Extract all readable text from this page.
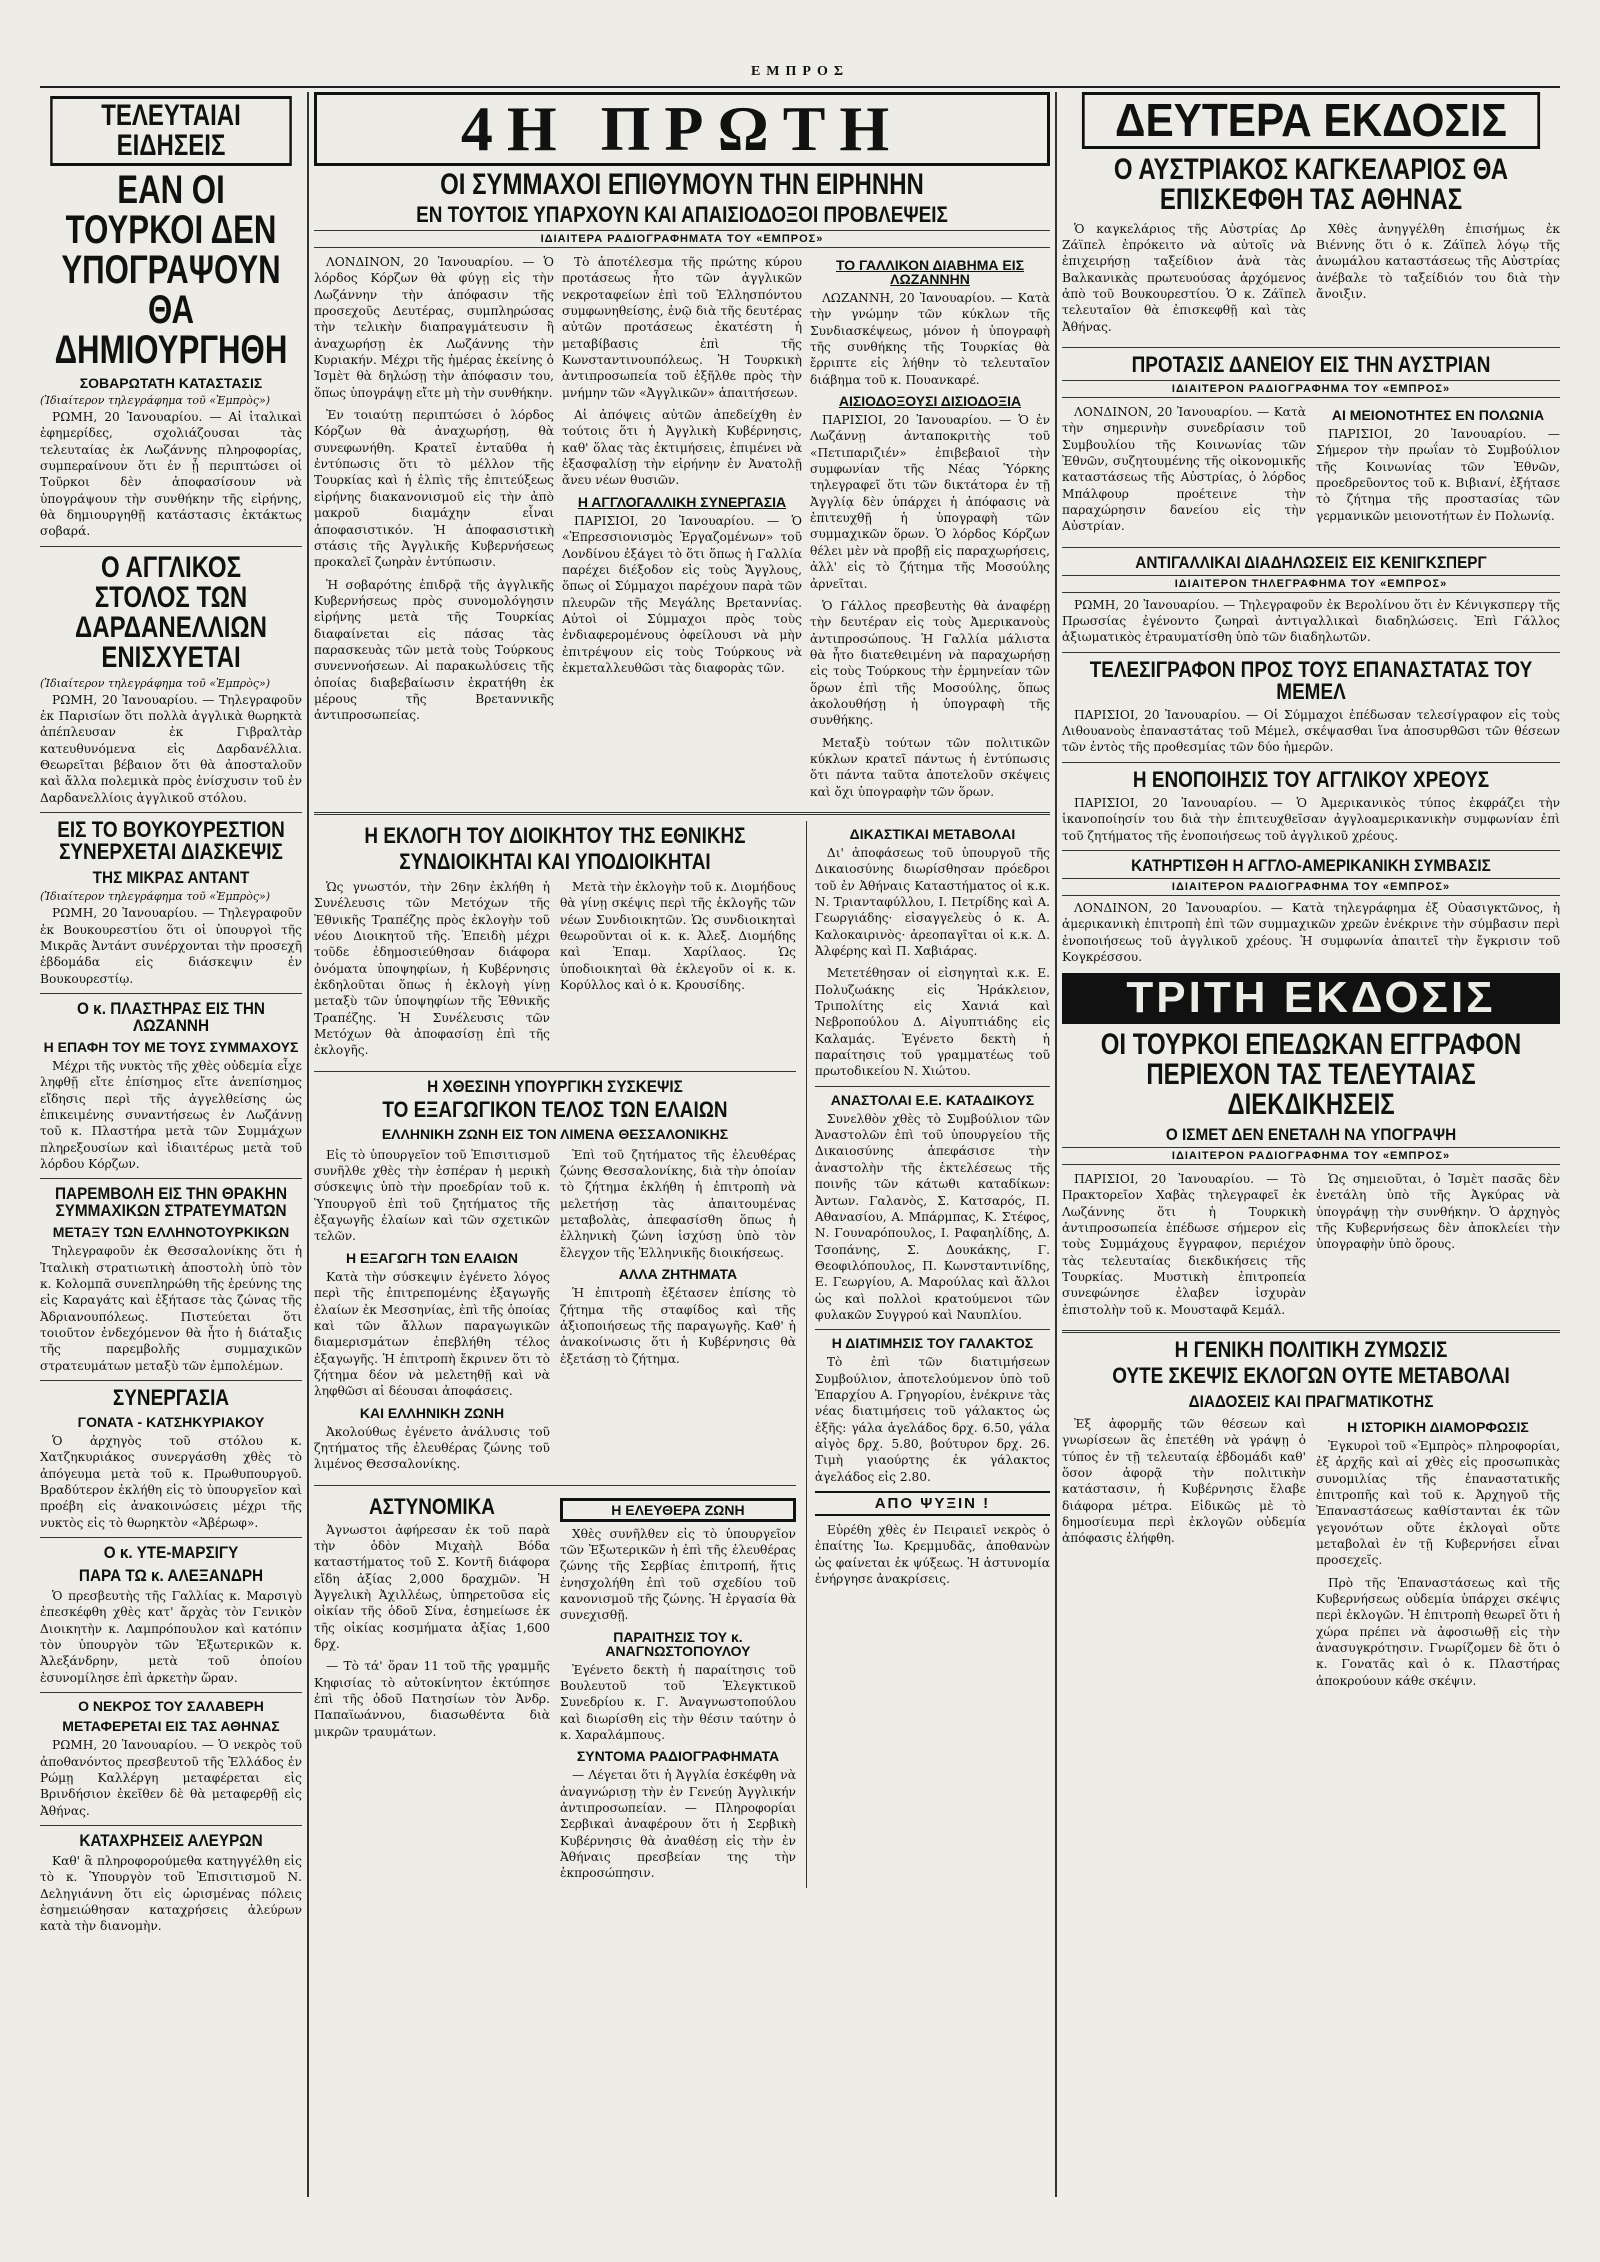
ΕΜΠΡΟΣ
ΤΕΛΕΥΤΑΙΑΙ ΕΙΔΗΣΕΙΣ
ΕΑΝ ΟΙ ΤΟΥΡΚΟΙ ΔΕΝ ΥΠΟΓΡΑΨΟΥΝ ΘΑ ΔΗΜΙΟΥΡΓΗΘΗ
ΣΟΒΑΡΩΤΑΤΗ ΚΑΤΑΣΤΑΣΙΣ
(Ἰδιαίτερον τηλεγράφημα τοῦ «Ἐμπρὸς»)

ΡΩΜΗ, 20 Ἰανουαρίου. — Αἱ ἰταλικαὶ ἐφημερίδες, σχολιάζουσαι τὰς τελευταίας ἐκ Λωζάννης πληροφορίας, συμπεραίνουν ὅτι ἐν ᾗ περιπτώσει οἱ Τοῦρκοι δὲν ἀποφασίσουν νὰ ὑπογράψουν τὴν συνθήκην τῆς εἰρήνης, θὰ δημιουργηθῇ κατάστασις ἐκτάκτως σοβαρά.

Ο ΑΓΓΛΙΚΟΣ ΣΤΟΛΟΣ ΤΩΝ ΔΑΡΔΑΝΕΛΛΙΩΝ ΕΝΙΣΧΥΕΤΑΙ
(Ἰδιαίτερον τηλεγράφημα τοῦ «Ἐμπρὸς»)

ΡΩΜΗ, 20 Ἰανουαρίου. — Τηλεγραφοῦν ἐκ Παρισίων ὅτι πολλὰ ἀγγλικὰ θωρηκτὰ ἀπέπλευσαν ἐκ Γιβραλτὰρ κατευθυνόμενα εἰς Δαρδανέλλια. Θεωρεῖται βέβαιον ὅτι θὰ ἀποσταλοῦν καὶ ἄλλα πολεμικὰ πρὸς ἐνίσχυσιν τοῦ ἐν Δαρδανελλίοις ἀγγλικοῦ στόλου.

ΕΙΣ ΤΟ ΒΟΥΚΟΥΡΕΣΤΙΟΝ ΣΥΝΕΡΧΕΤΑΙ ΔΙΑΣΚΕΨΙΣ
ΤΗΣ ΜΙΚΡΑΣ ΑΝΤΑΝΤ
(Ἰδιαίτερον τηλεγράφημα τοῦ «Ἐμπρὸς»)

ΡΩΜΗ, 20 Ἰανουαρίου. — Τηλεγραφοῦν ἐκ Βουκουρεστίου ὅτι οἱ ὑπουργοὶ τῆς Μικρᾶς Ἀντάντ συνέρχονται τὴν προσεχῆ ἑβδομάδα εἰς διάσκεψιν ἐν Βουκουρεστίῳ.

Ο κ. ΠΛΑΣΤΗΡΑΣ ΕΙΣ ΤΗΝ ΛΩΖΑΝΝΗ
Η ΕΠΑΦΗ ΤΟΥ ΜΕ ΤΟΥΣ ΣΥΜΜΑΧΟΥΣ

Μέχρι τῆς νυκτὸς τῆς χθὲς οὐδεμία εἶχε ληφθῇ εἴτε ἐπίσημος εἴτε ἀνεπίσημος εἴδησις περὶ τῆς ἀγγελθείσης ὡς ἐπικειμένης συναντήσεως ἐν Λωζάννῃ τοῦ κ. Πλαστήρα μετὰ τῶν Συμμάχων πληρεξουσίων καὶ ἰδιαιτέρως μετὰ τοῦ λόρδου Κόρζων.

ΠΑΡΕΜΒΟΛΗ ΕΙΣ ΤΗΝ ΘΡΑΚΗΝ ΣΥΜΜΑΧΙΚΩΝ ΣΤΡΑΤΕΥΜΑΤΩΝ
ΜΕΤΑΞΥ ΤΩΝ ΕΛΛΗΝΟΤΟΥΡΚΙΚΩΝ

Τηλεγραφοῦν ἐκ Θεσσαλονίκης ὅτι ἡ Ἰταλικὴ στρατιωτικὴ ἀποστολὴ ὑπὸ τὸν κ. Κολομπᾶ συνεπληρώθη τῆς ἐρεύνης της εἰς Καραγάτς καὶ ἐξήτασε τὰς ζώνας τῆς Ἀδριανουπόλεως. Πιστεύεται ὅτι τοιοῦτον ἐνδεχόμενον θὰ ἦτο ἡ διάταξις τῆς παρεμβολῆς συμμαχικῶν στρατευμάτων μεταξὺ τῶν ἐμπολέμων.

ΣΥΝΕΡΓΑΣΙΑ
ΓΟΝΑΤΑ - ΚΑΤΣΗΚΥΡΙΑΚΟΥ

Ὁ ἀρχηγὸς τοῦ στόλου κ. Χατζηκυριάκος συνεργάσθη χθὲς τὸ ἀπόγευμα μετὰ τοῦ κ. Πρωθυπουργοῦ. Βραδύτερον ἐκλήθη εἰς τὸ ὑπουργεῖον καὶ προέβη εἰς ἀνακοινώσεις μέχρι τῆς νυκτὸς εἰς τὸ θωρηκτὸν «Ἀβέρωφ».

Ο κ. ΥΤΕ-ΜΑΡΣΙΓΥ
ΠΑΡΑ ΤΩ κ. ΑΛΕΞΑΝΔΡΗ

Ὁ πρεσβευτὴς τῆς Γαλλίας κ. Μαρσιγὺ ἐπεσκέφθη χθὲς κατ' ἄρχὰς τὸν Γενικὸν Διοικητὴν κ. Λαμπρόπουλον καὶ κατόπιν τὸν ὑπουργὸν τῶν Ἐξωτερικῶν κ. Ἀλεξάνδρην, μετὰ τοῦ ὁποίου ἐσυνομίλησε ἐπὶ ἀρκετὴν ὥραν.

Ο ΝΕΚΡΟΣ ΤΟΥ ΣΑΛΑΒΕΡΗ
ΜΕΤΑΦΕΡΕΤΑΙ ΕΙΣ ΤΑΣ ΑΘΗΝΑΣ

ΡΩΜΗ, 20 Ἰανουαρίου. — Ὁ νεκρὸς τοῦ ἀποθανόντος πρεσβευτοῦ τῆς Ἑλλάδος ἐν Ρώμῃ Καλλέργη μεταφέρεται εἰς Βρινδήσιον ἐκεῖθεν δὲ θὰ μεταφερθῇ εἰς Ἀθήνας.

ΚΑΤΑΧΡΗΣΕΙΣ ΑΛΕΥΡΩΝ

Καθ' ἃ πληροφορούμεθα κατηγγέλθη εἰς τὸ κ. Ὑπουργὸν τοῦ Ἐπισιτισμοῦ Ν. Δεληγιάννη ὅτι εἰς ὡρισμένας πόλεις ἐσημειώθησαν καταχρήσεις ἀλεύρων κατὰ τὴν διανομὴν.

4Η ΠΡΩΤΗ
ΟΙ ΣΥΜΜΑΧΟΙ ΕΠΙΘΥΜΟΥΝ ΤΗΝ ΕΙΡΗΝΗΝ
ΕΝ ΤΟΥΤΟΙΣ ΥΠΑΡΧΟΥΝ ΚΑΙ ΑΠΑΙΣΙΟΔΟΞΟΙ ΠΡΟΒΛΕΨΕΙΣ
ΙΔΙΑΙΤΕΡΑ ΡΑΔΙΟΓΡΑΦΗΜΑΤΑ ΤΟΥ «ΕΜΠΡΟΣ»

ΛΟΝΔΙΝΟΝ, 20 Ἰανουαρίου. — Ὁ λόρδος Κόρζων θὰ φύγῃ εἰς τὴν Λωζάννην τὴν ἀπόφασιν τῆς προσεχοῦς Δευτέρας, συμπληρώσας τὴν τελικὴν διαπραγμάτευσιν ἢ ἀναχωρήσῃ ἐκ Λωζάννης τὴν Κυριακήν. Μέχρι τῆς ἡμέρας ἐκείνης ὁ Ἰσμὲτ θὰ δηλώσῃ τὴν ἀπόφασιν του, ὅπως ὑπογράψῃ εἴτε μὴ τὴν συνθήκην.

Ἐν τοιαύτῃ περιπτώσει ὁ λόρδος Κόρζων θὰ ἀναχωρήσῃ, θὰ συνεφωνήθη. Κρατεῖ ἐνταῦθα ἡ ἐντύπωσις ὅτι τὸ μέλλον τῆς Τουρκίας καὶ ἡ ἐλπὶς τῆς ἐπιτεύξεως εἰρήνης διακανονισμοῦ εἰς τὴν ἀπὸ μακροῦ διαμάχην εἶναι ἀποφασιστικόν. Ἡ ἀποφασιστικὴ στάσις τῆς Ἀγγλικῆς Κυβερνήσεως προκαλεῖ ζωηρὰν ἐντύπωσιν.

Ἡ σοβαρότης ἐπιδρᾷ τῆς ἀγγλικῆς Κυβερνήσεως πρὸς συνομολόγησιν εἰρήνης μετὰ τῆς Τουρκίας διαφαίνεται εἰς πάσας τὰς παρασκευὰς τῶν μετὰ τοὺς Τούρκους συνεννοήσεων. Αἱ παρακωλύσεις τῆς ὁποίας διαβεβαίωσιν ἐκρατήθη ἐκ μέρους τῆς Βρεταννικῆς ἀντιπροσωπείας.

Τὸ ἀποτέλεσμα τῆς πρώτης κύρου προτάσεως ἦτο τῶν ἀγγλικῶν νεκροταφείων ἐπὶ τοῦ Ἑλλησπόντου συμφωνηθείσης, ἐνῷ διὰ τῆς δευτέρας αὐτῶν προτάσεως ἐκατέστη ἡ μεταβίβασις ἐπὶ τῆς Κωνσταντινουπόλεως. Ἡ Τουρκικὴ ἀντιπροσωπεία τοῦ ἐξῆλθε πρὸς τὴν μνήμην τῶν «Ἀγγλικῶν» ἀπαιτήσεων.

Αἱ ἀπόψεις αὐτῶν ἀπεδείχθη ἐν τούτοις ὅτι ἡ Ἀγγλικὴ Κυβέρνησις, καθ' ὅλας τὰς ἐκτιμήσεις, ἐπιμένει νὰ ἐξασφαλίσῃ τὴν εἰρήνην ἐν Ἀνατολῇ ἄνευ νέων θυσιῶν.

Η ΑΓΓΛΟΓΑΛΛΙΚΗ ΣΥΝΕΡΓΑΣΙΑ

ΠΑΡΙΣΙΟΙ, 20 Ἰανουαρίου. — Ὁ «Ἐπρεσσιονισμὸς Ἐργαζομένων» τοῦ Λονδίνου ἐξάγει τὸ ὅτι ὅπως ἡ Γαλλία παρέχει διέξοδον εἰς τοὺς Ἄγγλους, ὅπως οἱ Σύμμαχοι παρέχουν παρὰ τῶν πλευρῶν τῆς Μεγάλης Βρεταννίας. Αὐτοὶ οἱ Σύμμαχοι πρὸς τοὺς ἐνδιαφερομένους ὀφείλουσι νὰ μὴν ἐπιτρέψουν εἰς τοὺς Τούρκους νὰ ἐκμεταλλευθῶσι τὰς διαφορὰς τῶν.

ΤΟ ΓΑΛΛΙΚΟΝ ΔΙΑΒΗΜΑ ΕΙΣ ΛΩΖΑΝΝΗΝ

ΛΩΖΑΝΝΗ, 20 Ἰανουαρίου. — Κατὰ τὴν γνώμην τῶν κύκλων τῆς Συνδιασκέψεως, μόνον ἡ ὑπογραφὴ τῆς συνθήκης τῆς Τουρκίας θὰ ἔρριπτε εἰς λήθην τὸ τελευταῖον διάβημα τοῦ κ. Πουανκαρέ.

ΑΙΣΙΟΔΟΞΟΥΣΙ ΔΙΣΙΟΔΟΞΙΑ

ΠΑΡΙΣΙΟΙ, 20 Ἰανουαρίου. — Ὁ ἐν Λωζάννῃ ἀνταποκριτὴς τοῦ «Πετιπαριζιέν» ἐπιβεβαιοῖ τὴν συμφωνίαν τῆς Νέας Ὑόρκης τηλεγραφεῖ ὅτι τῶν δικτάτορα ἐν τῇ Ἀγγλίᾳ δὲν ὑπάρχει ἡ ἀπόφασις νὰ ἐπιτευχθῇ ἡ ὑπογραφὴ τῶν συμμαχικῶν ὅρων. Ὁ λόρδος Κόρζων θέλει μὲν νὰ προβῇ εἰς παραχωρήσεις, ἀλλ' εἰς τὸ ζήτημα τῆς Μοσούλης ἀρνεῖται.

Ὁ Γάλλος πρεσβευτὴς θὰ ἀναφέρῃ τὴν δευτέραν εἰς τοὺς Ἀμερικανοὺς ἀντιπροσώπους. Ἡ Γαλλία μάλιστα θὰ ἦτο διατεθειμένη νὰ παραχωρήσῃ εἰς τοὺς Τούρκους τὴν ἑρμηνείαν τῶν ὅρων ἐπὶ τῆς Μοσούλης, ὅπως ἀκολουθήσῃ ἡ ὑπογραφὴ τῆς συνθήκης.

Μεταξὺ τούτων τῶν πολιτικῶν κύκλων κρατεῖ πάντως ἡ ἐντύπωσις ὅτι πάντα ταῦτα ἀποτελοῦν σκέψεις καὶ ὄχι ὑπογραφὴν τῶν ὅρων.

Η ΕΚΛΟΓΗ ΤΟΥ ΔΙΟΙΚΗΤΟΥ ΤΗΣ ΕΘΝΙΚΗΣ
ΣΥΝΔΙΟΙΚΗΤΑΙ ΚΑΙ ΥΠΟΔΙΟΙΚΗΤΑΙ

Ὡς γνωστόν, τὴν 26ην ἐκλήθη ἡ Συνέλευσις τῶν Μετόχων τῆς Ἐθνικῆς Τραπέζης πρὸς ἐκλογὴν τοῦ νέου Διοικητοῦ τῆς. Ἐπειδὴ μέχρι τοῦδε ἐδημοσιεύθησαν διάφορα ὀνόματα ὑποψηφίων, ἡ Κυβέρνησις ἐκδηλοῦται ὅπως ἡ ἐκλογὴ γίνῃ μεταξὺ τῶν ὑποψηφίων τῆς Ἐθνικῆς Τραπέζης. Ἡ Συνέλευσις τῶν Μετόχων θὰ ἀποφασίσῃ ἐπὶ τῆς ἐκλογῆς.

Μετὰ τὴν ἐκλογὴν τοῦ κ. Διομήδους θὰ γίνῃ σκέψις περὶ τῆς ἐκλογῆς τῶν νέων Συνδιοικητῶν. Ὡς συνδιοικηταὶ θεωροῦνται οἱ κ. κ. Ἀλεξ. Διομήδης καὶ Ἐπαμ. Χαρίλαος. Ὡς ὑποδιοικηταὶ θὰ ἐκλεγοῦν οἱ κ. κ. Κορύλλος καὶ ὁ κ. Κρουσίδης.

Η ΧΘΕΣΙΝΗ ΥΠΟΥΡΓΙΚΗ ΣΥΣΚΕΨΙΣ
ΤΟ ΕΞΑΓΩΓΙΚΟΝ ΤΕΛΟΣ ΤΩΝ ΕΛΑΙΩΝ
ΕΛΛΗΝΙΚΗ ΖΩΝΗ ΕΙΣ ΤΟΝ ΛΙΜΕΝΑ ΘΕΣΣΑΛΟΝΙΚΗΣ

Εἰς τὸ ὑπουργεῖον τοῦ Ἐπισιτισμοῦ συνῆλθε χθὲς τὴν ἑσπέραν ἡ μερικὴ σύσκεψις ὑπὸ τὴν προεδρίαν τοῦ κ. Ὑπουργοῦ ἐπὶ τοῦ ζητήματος τῆς ἐξαγωγῆς ἐλαίων καὶ τῶν σχετικῶν τελῶν.

Η ΕΞΑΓΩΓΗ ΤΩΝ ΕΛΑΙΩΝ

Κατὰ τὴν σύσκεψιν ἐγένετο λόγος περὶ τῆς ἐπιτρεπομένης ἐξαγωγῆς ἐλαίων ἐκ Μεσσηνίας, ἐπὶ τῆς ὁποίας καὶ τῶν ἄλλων παραγωγικῶν διαμερισμάτων ἐπεβλήθη τέλος ἐξαγωγῆς. Ἡ ἐπιτροπὴ ἔκρινεν ὅτι τὸ ζήτημα δέον νὰ μελετηθῇ καὶ νὰ ληφθῶσι αἱ δέουσαι ἀποφάσεις.

ΚΑΙ ΕΛΛΗΝΙΚΗ ΖΩΝΗ

Ἀκολούθως ἐγένετο ἀνάλυσις τοῦ ζητήματος τῆς ἐλευθέρας ζώνης τοῦ λιμένος Θεσσαλονίκης.

Ἐπὶ τοῦ ζητήματος τῆς ἐλευθέρας ζώνης Θεσσαλονίκης, διὰ τὴν ὁποίαν τὸ ζήτημα ἐκλήθη ἡ ἐπιτροπὴ νὰ μελετήσῃ τὰς ἀπαιτουμένας μεταβολὰς, ἀπεφασίσθη ὅπως ἡ ἐλληνικὴ ζώνη ἰσχύσῃ ὑπὸ τὸν ἔλεγχον τῆς Ἑλληνικῆς διοικήσεως.

ΑΛΛΑ ΖΗΤΗΜΑΤΑ

Ἡ ἐπιτροπὴ ἐξέτασεν ἐπίσης τὸ ζήτημα τῆς σταφίδος καὶ τῆς ἀξιοποιήσεως τῆς παραγωγῆς. Καθ' ἡ ἀνακοίνωσις ὅτι ἡ Κυβέρνησις θὰ ἐξετάσῃ τὸ ζήτημα.

ΑΣΤΥΝΟΜΙΚΑ

Ἀγνωστοι ἀφήρεσαν ἐκ τοῦ παρὰ τὴν ὁδὸν Μιχαὴλ Βόδα καταστήματος τοῦ Σ. Κοντῆ διάφορα εἴδη ἀξίας 2,000 δραχμῶν. Ἡ Ἀγγελικὴ Ἀχιλλέως, ὑπηρετοῦσα εἰς οἰκίαν τῆς ὁδοῦ Σίνα, ἐσημείωσε ἐκ τῆς οἰκίας κοσμήματα ἀξίας 1,600 δρχ.

— Τὸ τά' ὅραν 11 τοῦ τῆς γραμμῆς Κηφισίας τὸ αὐτοκίνητον ἐκτύπησε ἐπὶ τῆς ὁδοῦ Πατησίων τὸν Ἀνδρ. Παπαϊωάννου, διασωθέντα διὰ μικρῶν τραυμάτων.

Η ΕΛΕΥΘΕΡΑ ΖΩΝΗ

Χθὲς συνῆλθεν εἰς τὸ ὑπουργεῖον τῶν Ἐξωτερικῶν ἡ ἐπὶ τῆς ἐλευθέρας ζώνης τῆς Σερβίας ἐπιτροπή, ἥτις ἐνησχολήθη ἐπὶ τοῦ σχεδίου τοῦ κανονισμοῦ τῆς ζώνης. Ἡ ἐργασία θὰ συνεχισθῇ.

ΠΑΡΑΙΤΗΣΙΣ ΤΟΥ κ. ΑΝΑΓΝΩΣΤΟΠΟΥΛΟΥ

Ἐγένετο δεκτὴ ἡ παραίτησις τοῦ Βουλευτοῦ τοῦ Ἐλεγκτικοῦ Συνεδρίου κ. Γ. Ἀναγνωστοπούλου καὶ διωρίσθη εἰς τὴν θέσιν ταύτην ὁ κ. Χαραλάμπους.

ΣΥΝΤΟΜΑ ΡΑΔΙΟΓΡΑΦΗΜΑΤΑ

— Λέγεται ὅτι ἡ Ἀγγλία ἐσκέφθη νὰ ἀναγνώρισῃ τὴν ἐν Γενεύῃ Ἀγγλικήν ἀντιπροσωπείαν. — Πληροφορίαι Σερβικαὶ ἀναφέρουν ὅτι ἡ Σερβικὴ Κυβέρνησις θὰ ἀναθέσῃ εἰς τὴν ἐν Ἀθήναις πρεσβείαν της τὴν ἐκπροσώπησιν.

ΔΙΚΑΣΤΙΚΑΙ ΜΕΤΑΒΟΛΑΙ

Δι' ἀποφάσεως τοῦ ὑπουργοῦ τῆς Δικαιοσύνης διωρίσθησαν πρόεδροι τοῦ ἐν Ἀθήναις Καταστήματος οἱ κ.κ. Ν. Τριανταφύλλου, Ι. Πετρίδης καὶ Α. Γεωργιάδης· εἰσαγγελεὺς ὁ κ. Α. Καλοκαιρινὸς· ἀρεοπαγῖται οἱ κ.κ. Δ. Ἀλφέρης καὶ Π. Χαβιάρας.

Μετετέθησαν οἱ εἰσηγηταὶ κ.κ. Ε. Πολυζωάκης εἰς Ἡράκλειον, Τριπολίτης εἰς Χανιά καὶ Νεβροπούλου Δ. Αἰγυπτιάδης εἰς Καλαμάς. Ἐγένετο δεκτὴ ἡ παραίτησις τοῦ γραμματέως τοῦ πρωτοδικείου Ν. Χιώτου.

ΑΝΑΣΤΟΛΑΙ Ε.Ε. ΚΑΤΑΔΙΚΟΥΣ

Συνελθὸν χθὲς τὸ Συμβούλιον τῶν Ἀναστολῶν ἐπὶ τοῦ ὑπουργείου τῆς Δικαιοσύνης ἀπεφάσισε τὴν ἀναστολὴν τῆς ἐκτελέσεως τῆς ποινῆς τῶν κάτωθι καταδίκων: Ἀντων. Γαλανὸς, Σ. Κατσαρός, Π. Αθανασίου, Α. Μπάρμπας, Κ. Στέφος, Ν. Γουναρόπουλος, Ι. Ραφαηλίδης, Δ. Τσοπάνης, Σ. Δουκάκης, Γ. Θεοφιλόπουλος, Π. Κωνσταντινίδης, Ε. Γεωργίου, Α. Μαρούλας καὶ ἄλλοι ὡς καὶ πολλοὶ κρατούμενοι τῶν φυλακῶν Συγγρού καὶ Ναυπλίου.

Η ΔΙΑΤΙΜΗΣΙΣ ΤΟΥ ΓΑΛΑΚΤΟΣ

Τὸ ἐπὶ τῶν διατιμήσεων Συμβούλιον, ἀποτελούμενον ὑπὸ τοῦ Ἐπαρχίου Α. Γρηγορίου, ἐνέκρινε τὰς νέας διατιμήσεις τοῦ γάλακτος ὡς ἑξῆς: γάλα ἀγελάδος δρχ. 6.50, γάλα αἰγὸς δρχ. 5.80, βούτυρον δρχ. 26. Τιμὴ γιαούρτης ἐκ γάλακτος ἀγελάδος εἰς 2.80.

ΑΠΟ ΨΥΞΙΝ !

Εὑρέθη χθὲς ἐν Πειραιεῖ νεκρὸς ὁ ἐπαίτης Ἰω. Κρεμμυδᾶς, ἀποθανὼν ὡς φαίνεται ἐκ ψύξεως. Ἡ ἀστυνομία ἐνήργησε ἀνακρίσεις.

ΔΕΥΤΕΡΑ ΕΚΔΟΣΙΣ
Ο ΑΥΣΤΡΙΑΚΟΣ ΚΑΓΚΕΛΑΡΙΟΣ ΘΑ ΕΠΙΣΚΕΦΘΗ ΤΑΣ ΑΘΗΝΑΣ

Ὁ καγκελάριος τῆς Αὐστρίας Δρ Ζάϊπελ ἐπρόκειτο νὰ αὐτοῖς νὰ ἐπιχειρήσῃ ταξείδιον ἀνὰ τὰς Βαλκανικὰς πρωτευούσας ἀρχόμενος ἀπὸ τοῦ Βουκουρεστίου. Ὁ κ. Ζάϊπελ τελευταῖον θὰ ἐπισκεφθῇ καὶ τὰς Ἀθήνας.

Χθὲς ἀνηγγέλθη ἐπισήμως ἐκ Βιέννης ὅτι ὁ κ. Ζάϊπελ λόγῳ τῆς ἀνωμάλου καταστάσεως τῆς Αὐστρίας ἀνέβαλε τὸ ταξείδιόν του διὰ τὴν ἄνοιξιν.

ΠΡΟΤΑΣΙΣ ΔΑΝΕΙΟΥ ΕΙΣ ΤΗΝ ΑΥΣΤΡΙΑΝ
ΙΔΙΑΙΤΕΡΟΝ ΡΑΔΙΟΓΡΑΦΗΜΑ ΤΟΥ «ΕΜΠΡΟΣ»

ΛΟΝΔΙΝΟΝ, 20 Ἰανουαρίου. — Κατὰ τὴν σημερινὴν συνεδρίασιν τοῦ Συμβουλίου τῆς Κοινωνίας τῶν Ἐθνῶν, συζητουμένης τῆς οἰκονομικῆς καταστάσεως τῆς Αὐστρίας, ὁ λόρδος Μπάλφουρ προέτεινε τὴν παραχώρησιν δανείου εἰς τὴν Αὐστρίαν.

ΑΙ ΜΕΙΟΝΟΤΗΤΕΣ ΕΝ ΠΟΛΩΝΙΑ

ΠΑΡΙΣΙΟΙ, 20 Ἰανουαρίου. — Σήμερον τὴν πρωΐαν τὸ Συμβούλιον τῆς Κοινωνίας τῶν Ἐθνῶν, προεδρεῦοντος τοῦ κ. Βιβιανί, ἐξήτασε τὸ ζήτημα τῆς προστασίας τῶν γερμανικῶν μειονοτήτων ἐν Πολωνίᾳ.

ΑΝΤΙΓΑΛΛΙΚΑΙ ΔΙΑΔΗΛΩΣΕΙΣ ΕΙΣ ΚΕΝΙΓΚΣΠΕΡΓ
ΙΔΙΑΙΤΕΡΟΝ ΤΗΛΕΓΡΑΦΗΜΑ ΤΟΥ «ΕΜΠΡΟΣ»

ΡΩΜΗ, 20 Ἰανουαρίου. — Τηλεγραφοῦν ἐκ Βερολίνου ὅτι ἐν Κένιγκσπεργ τῆς Πρωσσίας ἐγένοντο ζωηραὶ ἀντιγαλλικαὶ διαδηλώσεις. Ἐπὶ Γάλλος ἀξιωματικὸς ἐτραυματίσθη ὑπὸ τῶν διαδηλωτῶν.

ΤΕΛΕΣΙΓΡΑΦΟΝ ΠΡΟΣ ΤΟΥΣ ΕΠΑΝΑΣΤΑΤΑΣ ΤΟΥ ΜΕΜΕΛ

ΠΑΡΙΣΙΟΙ, 20 Ἰανουαρίου. — Οἱ Σύμμαχοι ἐπέδωσαν τελεσίγραφον εἰς τοὺς Λιθουανοὺς ἐπαναστάτας τοῦ Μέμελ, σκέψασθαι ἵνα ἀποσυρθῶσι τῶν θέσεων τῶν ἐντὸς τῆς προθεσμίας τῶν δύο ἡμερῶν.

Η ΕΝΟΠΟΙΗΣΙΣ ΤΟΥ ΑΓΓΛΙΚΟΥ ΧΡΕΟΥΣ

ΠΑΡΙΣΙΟΙ, 20 Ἰανουαρίου. — Ὁ Ἀμερικανικὸς τύπος ἐκφράζει τὴν ἱκανοποίησίν του διὰ τὴν ἐπιτευχθεῖσαν ἀγγλοαμερικανικὴν συμφωνίαν ἐπὶ τοῦ ζητήματος τῆς ἐνοποιήσεως τοῦ ἀγγλικοῦ χρέους.

ΚΑΤΗΡΤΙΣΘΗ Η ΑΓΓΛΟ-ΑΜΕΡΙΚΑΝΙΚΗ ΣΥΜΒΑΣΙΣ
ΙΔΙΑΙΤΕΡΟΝ ΡΑΔΙΟΓΡΑΦΗΜΑ ΤΟΥ «ΕΜΠΡΟΣ»

ΛΟΝΔΙΝΟΝ, 20 Ἰανουαρίου. — Κατὰ τηλεγράφημα ἐξ Οὐασιγκτῶνος, ἡ ἀμερικανικὴ ἐπιτροπὴ ἐπὶ τῶν συμμαχικῶν χρεῶν ἐνέκρινε τὴν σύμβασιν περὶ ἐνοποιήσεως τοῦ ἀγγλικοῦ χρέους. Ἡ συμφωνία ἀπαιτεῖ τὴν ἔγκρισιν τοῦ Κογκρέσσου.

ΤΡΙΤΗ ΕΚΔΟΣΙΣ
ΟΙ ΤΟΥΡΚΟΙ ΕΠΕΔΩΚΑΝ ΕΓΓΡΑΦΟΝ ΠΕΡΙΕΧΟΝ ΤΑΣ ΤΕΛΕΥΤΑΙΑΣ ΔΙΕΚΔΙΚΗΣΕΙΣ
Ο ΙΣΜΕΤ ΔΕΝ ΕΝΕΤΑΛΗ ΝΑ ΥΠΟΓΡΑΨΗ
ΙΔΙΑΙΤΕΡΟΝ ΡΑΔΙΟΓΡΑΦΗΜΑ ΤΟΥ «ΕΜΠΡΟΣ»

ΠΑΡΙΣΙΟΙ, 20 Ἰανουαρίου. — Τὸ Πρακτορεῖον Χαβὰς τηλεγραφεῖ ἐκ Λωζάννης ὅτι ἡ Τουρκικὴ ἀντιπροσωπεία ἐπέδωσε σήμερον εἰς τοὺς Συμμάχους ἔγγραφον, περιέχον τὰς τελευταίας διεκδικήσεις τῆς Τουρκίας. Μυστικὴ ἐπιτροπεία συνεφώνησε ἐλαβεν ἰσχυρὰν ἐπιστολὴν τοῦ κ. Μουσταφᾶ Κεμάλ.

Ὡς σημειοῦται, ὁ Ἰσμὲτ πασᾶς δὲν ἐνετάλη ὑπὸ τῆς Ἀγκύρας νὰ ὑπογράψῃ τὴν συνθήκην. Ὁ ἀρχηγὸς τῆς Κυβερνήσεως δὲν ἀποκλείει τὴν ὑπογραφὴν ὑπὸ ὅρους.

Η ΓΕΝΙΚΗ ΠΟΛΙΤΙΚΗ ΖΥΜΩΣΙΣ
ΟΥΤΕ ΣΚΕΨΙΣ ΕΚΛΟΓΩΝ ΟΥΤΕ ΜΕΤΑΒΟΛΑΙ
ΔΙΑΔΟΣΕΙΣ ΚΑΙ ΠΡΑΓΜΑΤΙΚΟΤΗΣ

Ἐξ ἀφορμῆς τῶν θέσεων καὶ γνωρίσεων ἃς ἐπετέθη νὰ γράψῃ ὁ τύπος ἐν τῇ τελευταίᾳ ἑβδομάδι καθ' ὅσον ἀφορᾷ τὴν πολιτικὴν κατάστασιν, ἡ Κυβέρνησις ἔλαβε διάφορα μέτρα. Εἰδικῶς μὲ τὸ δημοσίευμα περὶ ἐκλογῶν οὐδεμία ἀπόφασις ἐλήφθη.

Η ΙΣΤΟΡΙΚΗ ΔΙΑΜΟΡΦΩΣΙΣ

Ἐγκυροὶ τοῦ «Ἐμπρὸς» πληροφορίαι, ἐξ ἀρχῆς καὶ αἱ χθὲς εἰς προσωπικὰς συνομιλίας τῆς ἐπαναστατικῆς ἐπιτροπῆς καὶ τοῦ κ. Ἀρχηγοῦ τῆς Ἐπαναστάσεως καθίστανται ἐκ τῶν γεγονότων οὔτε ἐκλογαὶ οὔτε μεταβολαὶ ἐν τῇ Κυβερνήσει εἶναι προσεχεῖς.

Πρὸ τῆς Ἐπαναστάσεως καὶ τῆς Κυβερνήσεως οὐδεμία ὑπάρχει σκέψις περὶ ἐκλογῶν. Ἡ ἐπιτροπὴ θεωρεῖ ὅτι ἡ χώρα πρέπει νὰ ἀφοσιωθῇ εἰς τὴν ἀνασυγκρότησιν. Γνωρίζομεν δὲ ὅτι ὁ κ. Γονατᾶς καὶ ὁ κ. Πλαστήρας ἀποκρούουν κάθε σκέψιν.
